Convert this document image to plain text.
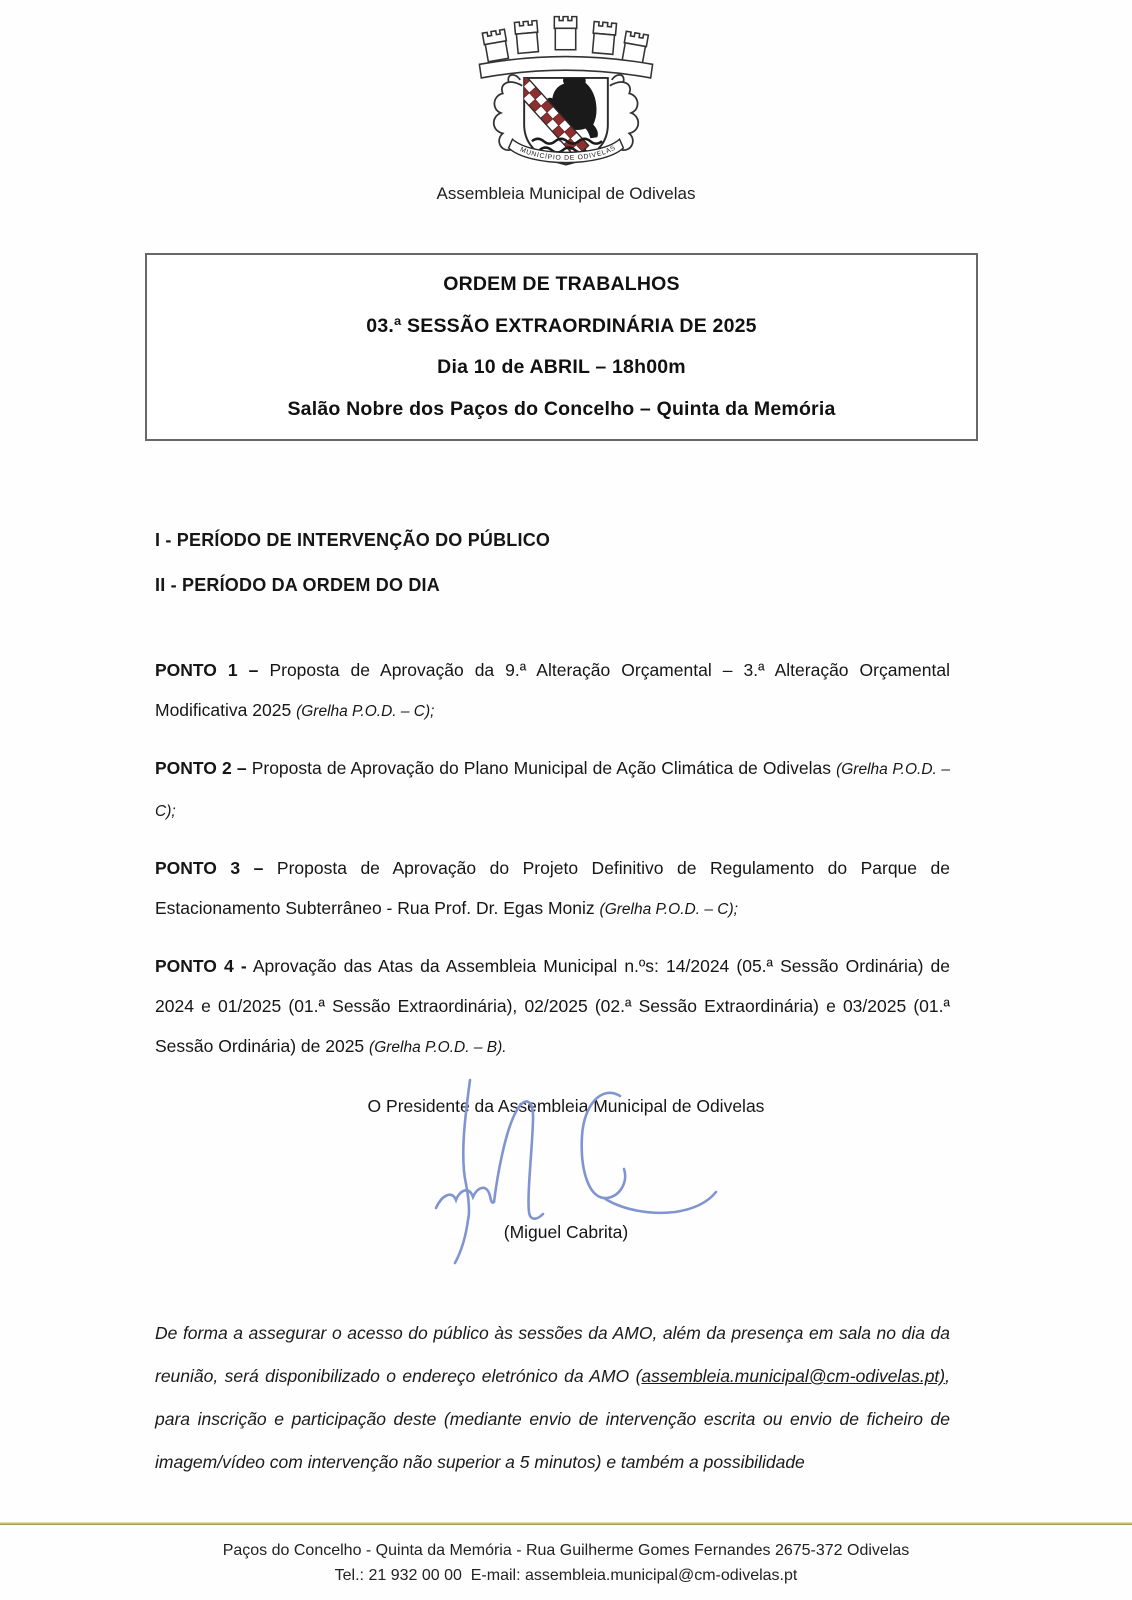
MUNICÍPIO DE ODIVELAS
Assembleia Municipal de Odivelas
ORDEM DE TRABALHOS
03.ª SESSÃO EXTRAORDINÁRIA DE 2025
Dia 10 de ABRIL – 18h00m
Salão Nobre dos Paços do Concelho – Quinta da Memória
I - PERÍODO DE INTERVENÇÃO DO PÚBLICO
II - PERÍODO DA ORDEM DO DIA

PONTO 1 – Proposta de Aprovação da 9.ª Alteração Orçamental – 3.ª Alteração Orçamental Modificativa 2025 (Grelha P.O.D. – C);

PONTO 2 – Proposta de Aprovação do Plano Municipal de Ação Climática de Odivelas (Grelha P.O.D. – C);

PONTO 3 – Proposta de Aprovação do Projeto Definitivo de Regulamento do Parque de Estacionamento Subterrâneo - Rua Prof. Dr. Egas Moniz (Grelha P.O.D. – C);

PONTO 4 - Aprovação das Atas da Assembleia Municipal n.ºs: 14/2024 (05.ª Sessão Ordinária) de 2024 e 01/2025 (01.ª Sessão Extraordinária), 02/2025 (02.ª Sessão Extraordinária) e 03/2025 (01.ª Sessão Ordinária) de 2025 (Grelha P.O.D. – B).

O Presidente da Assembleia Municipal de Odivelas
(Miguel Cabrita)

De forma a assegurar o acesso do público às sessões da AMO, além da presença em sala no dia da reunião, será disponibilizado o endereço eletrónico da AMO (assembleia.municipal@cm-odivelas.pt), para inscrição e participação deste (mediante envio de intervenção escrita ou envio de ficheiro de imagem/vídeo com intervenção não superior a 5 minutos) e também a possibilidade

Paços do Concelho - Quinta da Memória - Rua Guilherme Gomes Fernandes 2675-372 Odivelas
Tel.: 21 932 00 00  E-mail: assembleia.municipal@cm-odivelas.pt
